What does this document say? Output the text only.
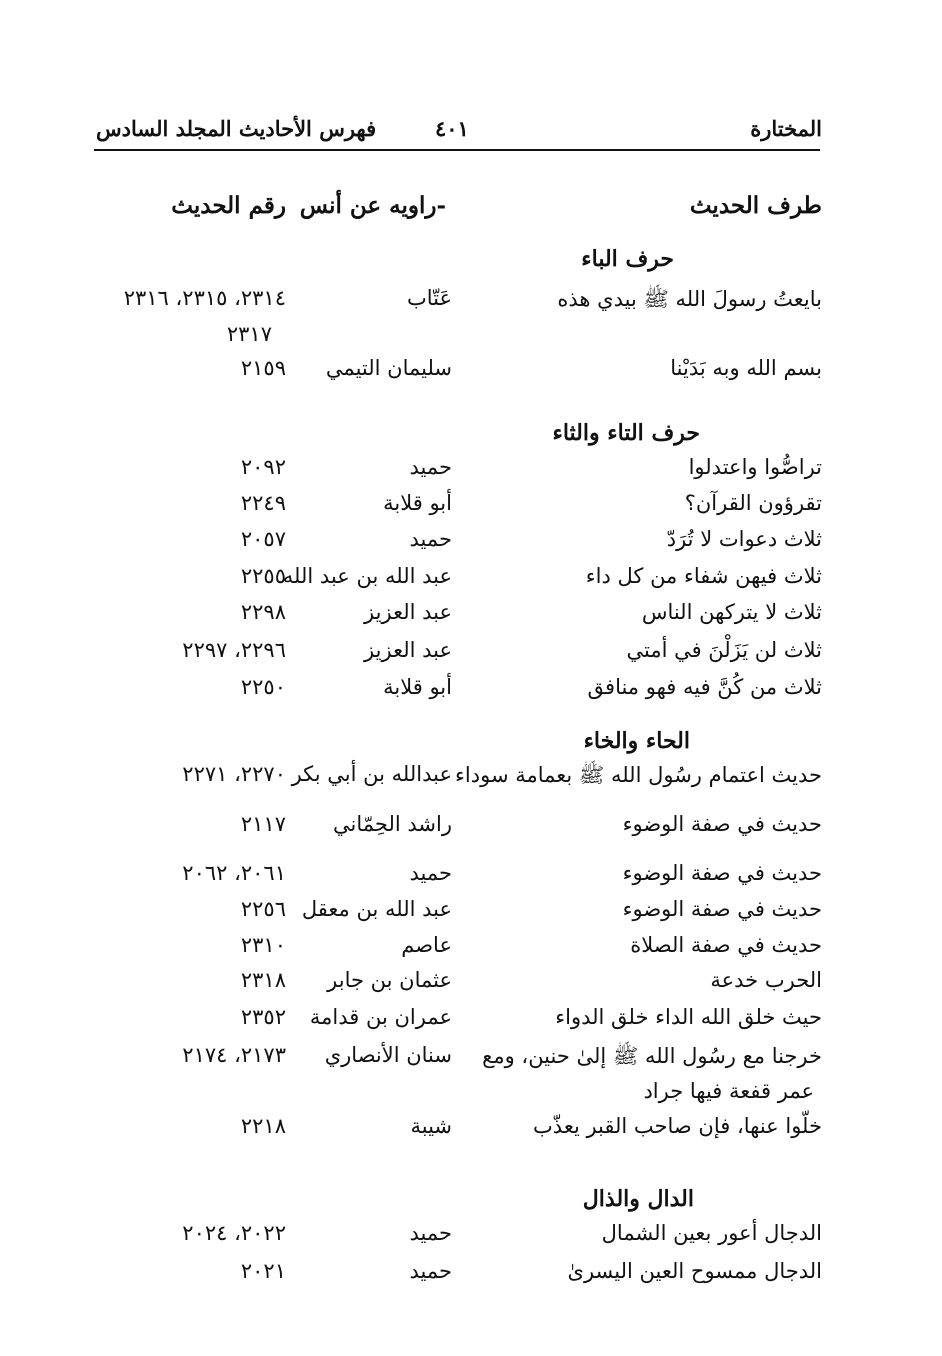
المختارة
٤٠١
فهرس الأحاديث المجلد السادس
طرف الحديث
راويه عن أنس-
رقم الحديث
حرف الباء
بايعتُ رسولَ الله ﷺ بيدي هذه
عَتّاب
٢٣١٤، ٢٣١٥، ٢٣١٦
٢٣١٧
بسم الله وبه بَدَيْنا
سليمان التيمي
٢١٥٩
حرف التاء والثاء
تراصُّوا واعتدلوا
حميد
٢٠٩٢
تقرؤون القرآن؟
أبو قلابة
٢٢٤٩
ثلاث دعوات لا تُرَدّ
حميد
٢٠٥٧
ثلاث فيهن شفاء من كل داء
عبد الله بن عبد الله
٢٢٥٥
ثلاث لا يتركهن الناس
عبد العزيز
٢٢٩٨
ثلاث لن يَزَلْنَ في أمتي
عبد العزيز
٢٢٩٦، ٢٢٩٧
ثلاث من كُنَّ فيه فهو منافق
أبو قلابة
٢٢٥٠
الحاء والخاء
حديث اعتمام رسُول الله ﷺ بعمامة سوداء
عبدالله بن أبي بكر
٢٢٧٠، ٢٢٧١
حديث في صفة الوضوء
راشد الحِمّاني
٢١١٧
حديث في صفة الوضوء
حميد
٢٠٦١، ٢٠٦٢
حديث في صفة الوضوء
عبد الله بن معقل
٢٢٥٦
حديث في صفة الصلاة
عاصم
٢٣١٠
الحرب خدعة
عثمان بن جابر
٢٣١٨
حيث خلق الله الداء خلق الدواء
عمران بن قدامة
٢٣٥٢
خرجنا مع رسُول الله ﷺ إلىٰ حنين، ومع
عمر قفعة فيها جراد
سنان الأنصاري
٢١٧٣، ٢١٧٤
خلّوا عنها، فإن صاحب القبر يعذّب
شيبة
٢٢١٨
الدال والذال
الدجال أعور بعين الشمال
حميد
٢٠٢٢، ٢٠٢٤
الدجال ممسوح العين اليسرىٰ
حميد
٢٠٢١
